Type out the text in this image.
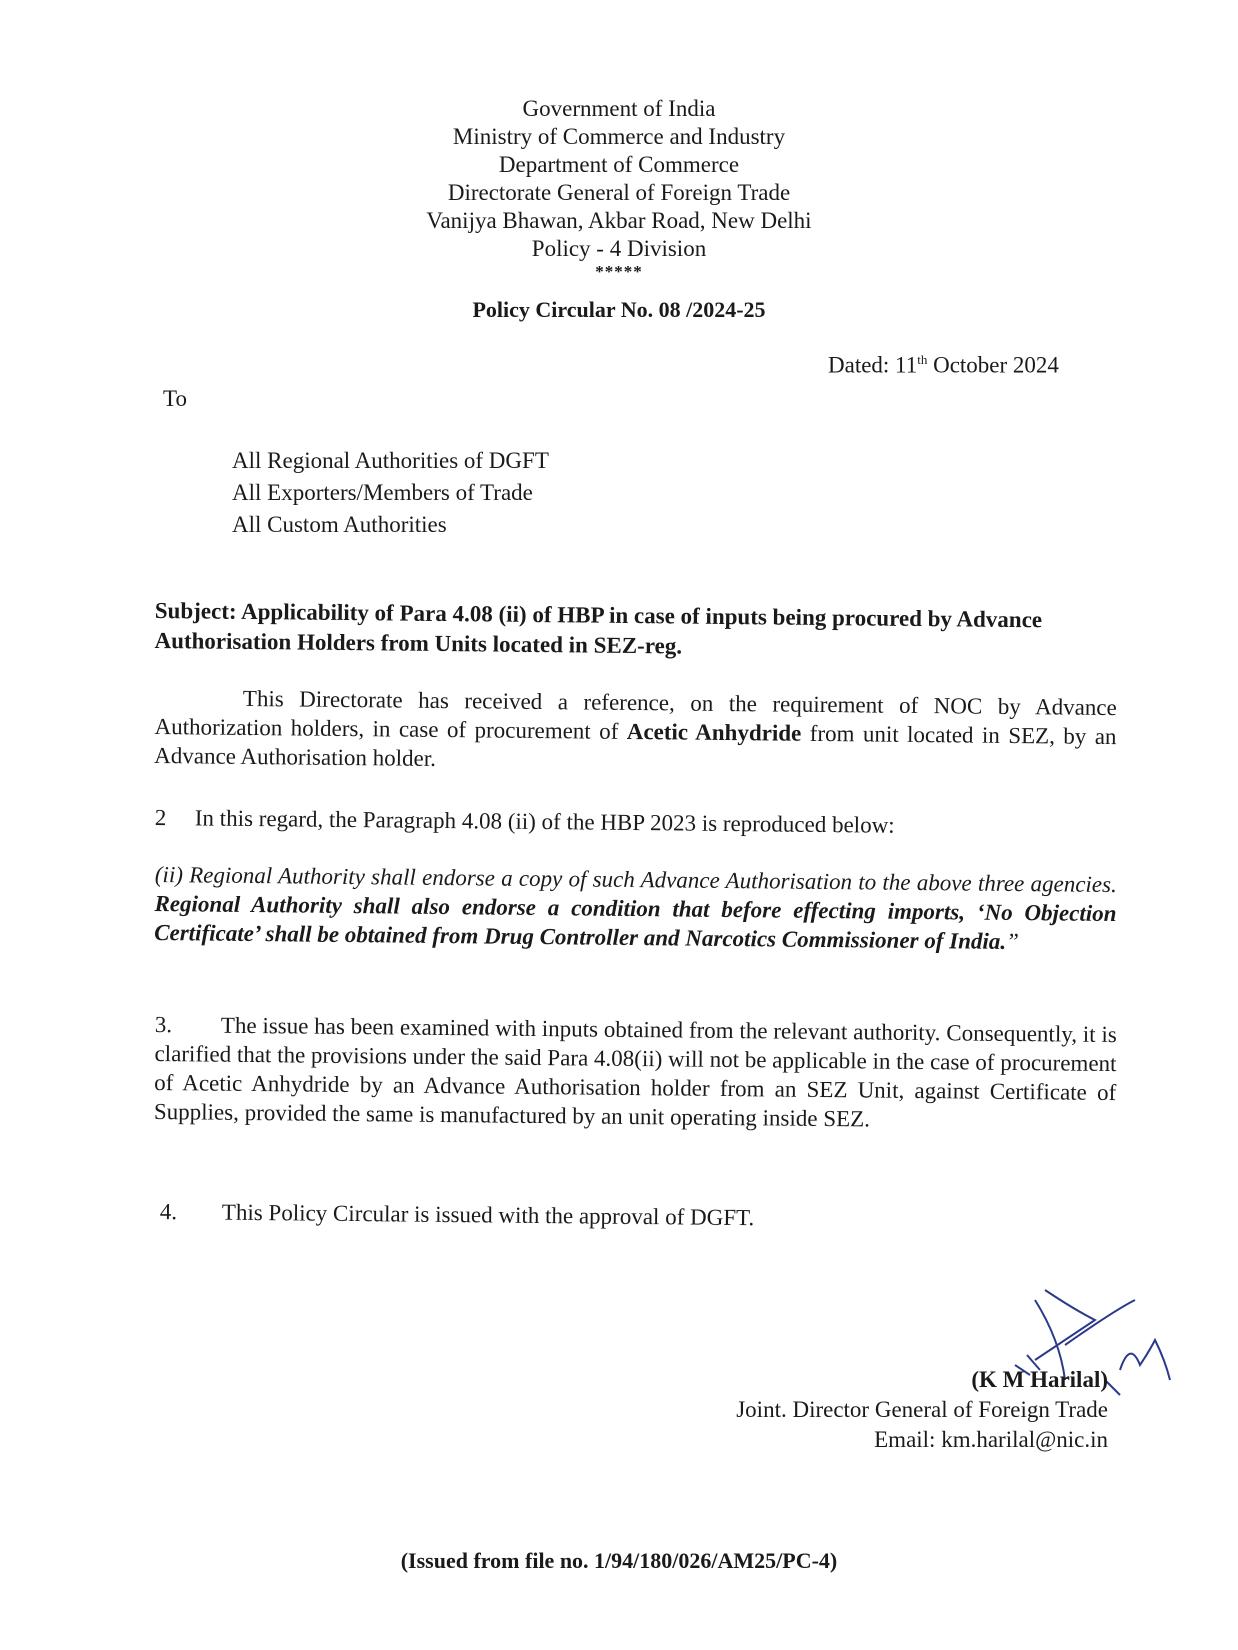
Government of India
Ministry of Commerce and Industry
Department of Commerce
Directorate General of Foreign Trade
Vanijya Bhawan, Akbar Road, New Delhi
Policy - 4 Division
*****
Policy Circular No. 08 /2024-25
Dated: 11th October 2024
To
All Regional Authorities of DGFT
All Exporters/Members of Trade
All Custom Authorities
Subject: Applicability of Para 4.08 (ii) of HBP in case of inputs being procured by Advance Authorisation Holders from Units located in SEZ-reg.
This Directorate has received a reference, on the requirement of NOC by Advance Authorization holders, in case of procurement of Acetic Anhydride from unit located in SEZ, by an Advance Authorisation holder.
2 In this regard, the Paragraph 4.08 (ii) of the HBP 2023 is reproduced below:
(ii) Regional Authority shall endorse a copy of such Advance Authorisation to the above three agencies. Regional Authority shall also endorse a condition that before effecting imports, ‘No Objection Certificate’ shall be obtained from Drug Controller and Narcotics Commissioner of India.”
3. The issue has been examined with inputs obtained from the relevant authority. Consequently, it is clarified that the provisions under the said Para 4.08(ii) will not be applicable in the case of procurement of Acetic Anhydride by an Advance Authorisation holder from an SEZ Unit, against Certificate of Supplies, provided the same is manufactured by an unit operating inside SEZ.
4. This Policy Circular is issued with the approval of DGFT.
(K M Harilal)
Joint. Director General of Foreign Trade
Email: km.harilal@nic.in
(Issued from file no. 1/94/180/026/AM25/PC-4)
